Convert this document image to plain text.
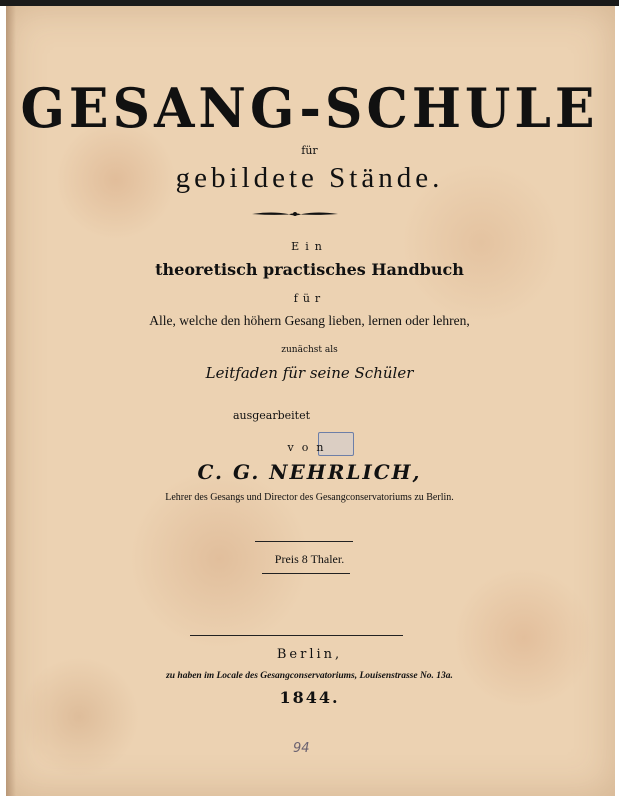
GESANG-SCHULE
für
gebildete Stände.
Ein
theoretisch practisches Handbuch
für
Alle, welche den höhern Gesang lieben, lernen oder lehren,
zunächst als
Leitfaden für seine Schüler
ausgearbeitet
von
C. G. NEHRLICH,
Lehrer des Gesangs und Director des Gesangconservatoriums zu Berlin.
Preis 8 Thaler.
Berlin,
zu haben im Locale des Gesangconservatoriums, Louisenstrasse No. 13a.
1844.
94
